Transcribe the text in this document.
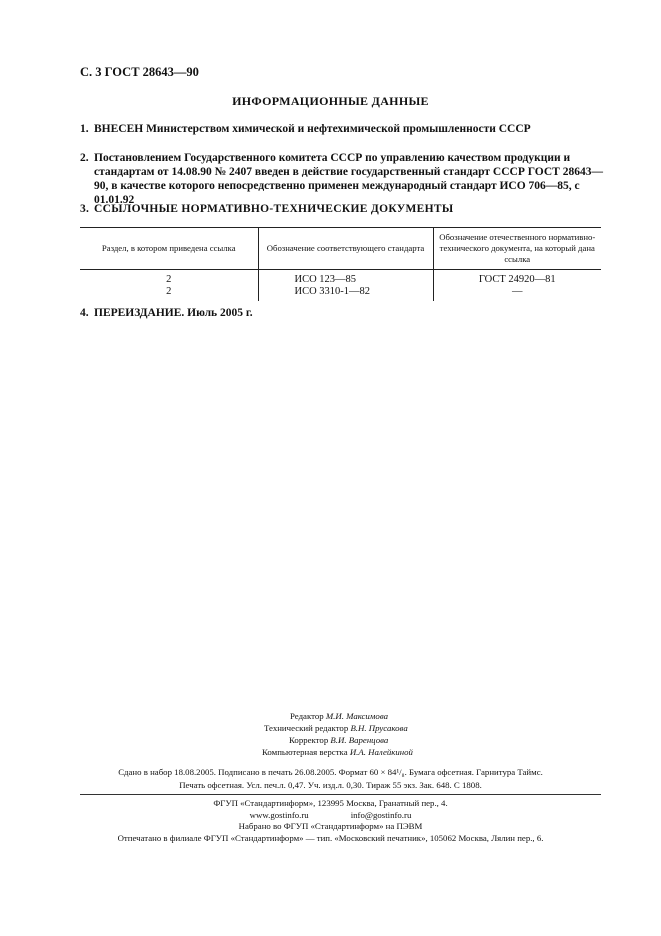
С. 3 ГОСТ 28643—90
ИНФОРМАЦИОННЫЕ ДАННЫЕ
1. ВНЕСЕН Министерством химической и нефтехимической промышленности СССР
2. Постановлением Государственного комитета СССР по управлению качеством продукции и стандартам от 14.08.90 № 2407 введен в действие государственный стандарт СССР ГОСТ 28643—90, в качестве которого непосредственно применен международный стандарт ИСО 706—85, с 01.01.92
3. ССЫЛОЧНЫЕ НОРМАТИВНО-ТЕХНИЧЕСКИЕ ДОКУМЕНТЫ
Раздел, в котором приведена ссылка	Обозначение соответствующего стандарта	Обозначение отечественного нормативно-технического документа, на который дана ссылка
2	ИСО 123—85	ГОСТ 24920—81
2	ИСО 3310-1—82	—
4. ПЕРЕИЗДАНИЕ. Июль 2005 г.
Редактор М.И. Максимова
Технический редактор В.Н. Прусакова
Корректор В.И. Варенцова
Компьютерная верстка И.А. Налейкиной
Сдано в набор 18.08.2005. Подписано в печать 26.08.2005. Формат 60 × 84¹/₈. Бумага офсетная. Гарнитура Таймс.
Печать офсетная. Усл. печ.л. 0,47. Уч. изд.л. 0,30. Тираж 55 экз. Зак. 648. С 1808.
ФГУП «Стандартинформ», 123995 Москва, Гранатный пер., 4.
www.gostinfo.ru	info@gostinfo.ru
Набрано во ФГУП «Стандартинформ» на ПЭВМ
Отпечатано в филиале ФГУП «Стандартинформ» — тип. «Московский печатник», 105062 Москва, Лялин пер., 6.
